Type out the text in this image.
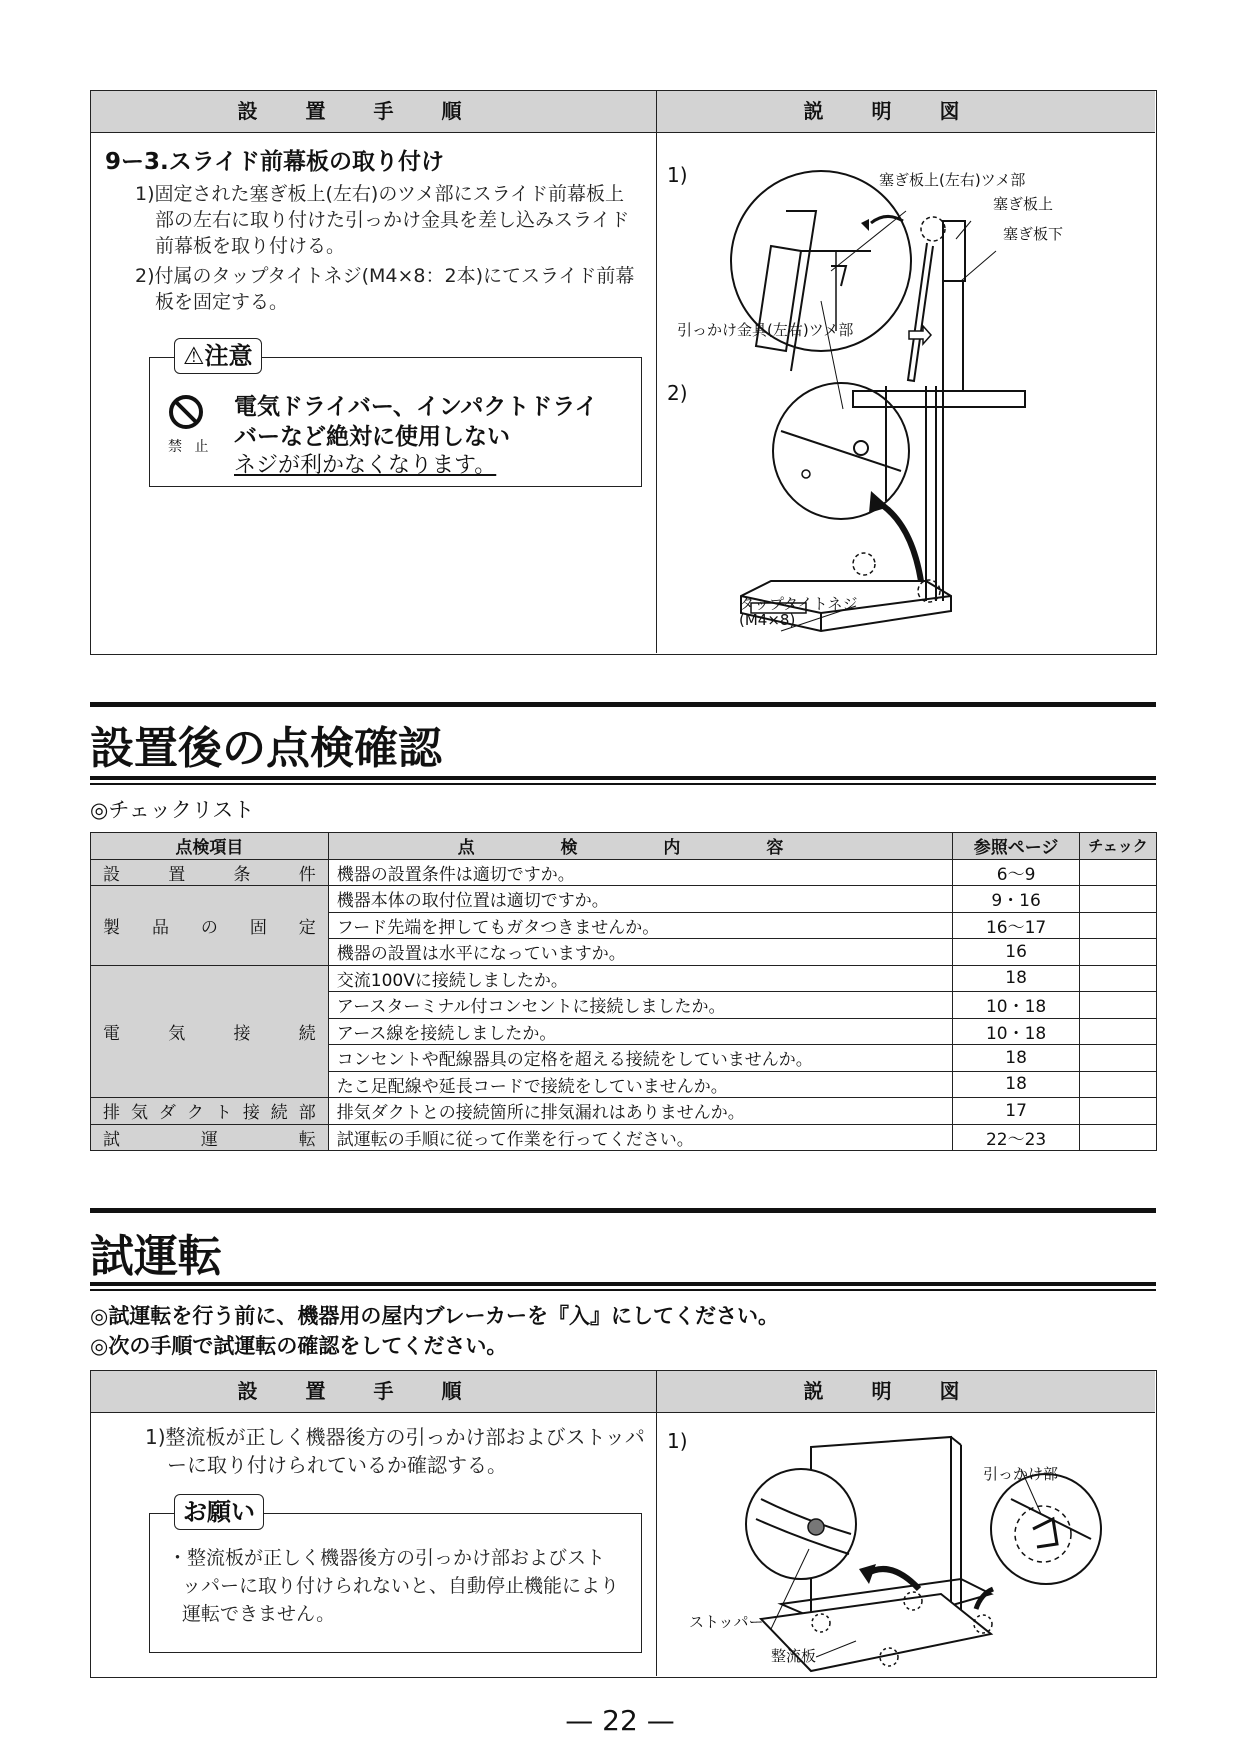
設置手順	説明図
9ー3.スライド前幕板の取り付け
1)固定された塞ぎ板上(左右)のツメ部にスライド前幕板上部の左右に取り付けた引っかけ金具を差し込みスライド前幕板を取り付ける。
2)付属のタップタイトネジ(M4×8：2本)にてスライド前幕板を固定する。
⚠注意
禁 止
電気ドライバー、インパクトドライ
バーなど絶対に使用しない
ネジが利かなくなります。
1)	塞ぎ板上(左右)ツメ部
塞ぎ板上
塞ぎ板下
引っかけ金具(左右)ツメ部
2)
タップタイトネジ
(M4×8)
設置後の点検確認
◎チェックリスト
点検項目	点 検 内 容	参照ページ	チェック
設置条件	機器の設置条件は適切ですか。	6〜9	
製品の固定	機器本体の取付位置は適切ですか。	9・16	
	フード先端を押してもガタつきませんか。	16〜17	
	機器の設置は水平になっていますか。	16	
電気接続	交流100Vに接続しましたか。	18	
	アースターミナル付コンセントに接続しましたか。	10・18	
	アース線を接続しましたか。	10・18	
	コンセントや配線器具の定格を超える接続をしていませんか。	18	
	たこ足配線や延長コードで接続をしていませんか。	18	
排気ダクト接続部	排気ダクトとの接続箇所に排気漏れはありませんか。	17	
試運転	試運転の手順に従って作業を行ってください。	22〜23	
試運転
◎試運転を行う前に、機器用の屋内ブレーカーを『入』にしてください。
◎次の手順で試運転の確認をしてください。
設置手順	説明図
1)整流板が正しく機器後方の引っかけ部およびストッパーに取り付けられているか確認する。
お願い
・整流板が正しく機器後方の引っかけ部およびストッパーに取り付けられないと、自動停止機能により運転できません。
1)
引っかけ部
ストッパー
整流板
— 22 —
